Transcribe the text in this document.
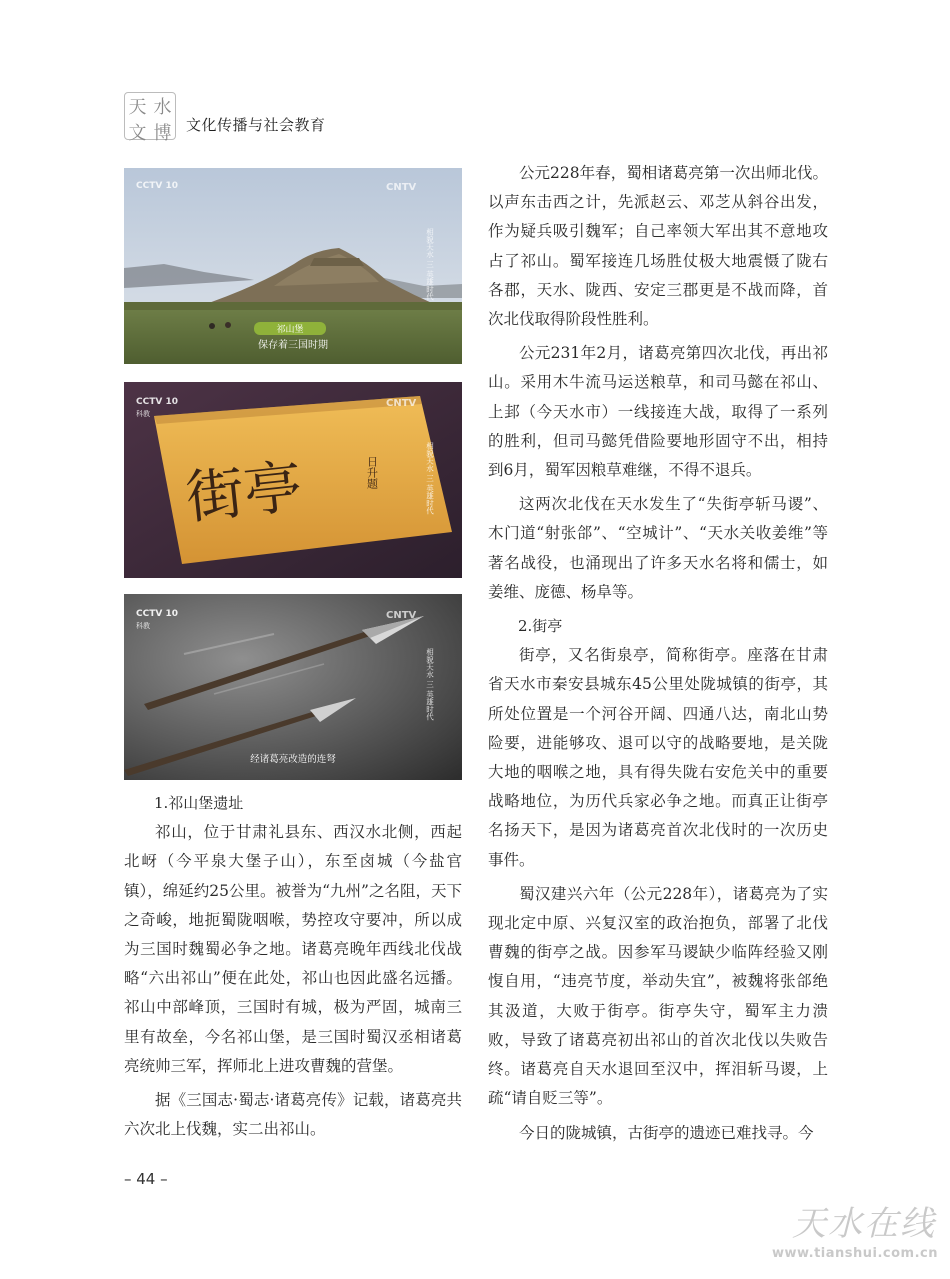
天 水
文 博 文化传播与社会教育
祁山堡
保存着三国时期
CCTV 10	CNTV
相貌天水 三 英雄时代
街亭	日升题
CCTV 10
科教
CNTV
相貌天水 三 英雄时代
CCTV 10
科教
CNTV
相貌天水 三 英雄时代
经诸葛亮改造的连弩

1.祁山堡遗址

祁山，位于甘肃礼县东、西汉水北侧，西起北岈（今平泉大堡子山），东至卤城（今盐官镇），绵延约25公里。被誉为“九州”之名阻，天下之奇峻，地扼蜀陇咽喉，势控攻守要冲，所以成为三国时魏蜀必争之地。诸葛亮晚年西线北伐战略“六出祁山”便在此处，祁山也因此盛名远播。祁山中部峰顶，三国时有城，极为严固，城南三里有故垒，今名祁山堡，是三国时蜀汉丞相诸葛亮统帅三军，挥师北上进攻曹魏的营堡。

据《三国志·蜀志·诸葛亮传》记载，诸葛亮共六次北上伐魏，实二出祁山。

公元228年春，蜀相诸葛亮第一次出师北伐。以声东击西之计，先派赵云、邓芝从斜谷出发，作为疑兵吸引魏军；自己率领大军出其不意地攻占了祁山。蜀军接连几场胜仗极大地震慑了陇右各郡，天水、陇西、安定三郡更是不战而降，首次北伐取得阶段性胜利。

公元231年2月，诸葛亮第四次北伐，再出祁山。采用木牛流马运送粮草，和司马懿在祁山、上邽（今天水市）一线接连大战，取得了一系列的胜利，但司马懿凭借险要地形固守不出，相持到6月，蜀军因粮草难继，不得不退兵。

这两次北伐在天水发生了“失街亭斩马谡”、木门道“射张郃”、“空城计”、“天水关收姜维”等著名战役，也涌现出了许多天水名将和儒士，如姜维、庞德、杨阜等。

2.街亭

街亭，又名街泉亭，简称街亭。座落在甘肃省天水市秦安县城东45公里处陇城镇的街亭，其所处位置是一个河谷开阔、四通八达，南北山势险要，进能够攻、退可以守的战略要地，是关陇大地的咽喉之地，具有得失陇右安危关中的重要战略地位，为历代兵家必争之地。而真正让街亭名扬天下，是因为诸葛亮首次北伐时的一次历史事件。

蜀汉建兴六年（公元228年），诸葛亮为了实现北定中原、兴复汉室的政治抱负，部署了北伐曹魏的街亭之战。因参军马谡缺少临阵经验又刚愎自用，“违亮节度，举动失宜”，被魏将张郃绝其汲道，大败于街亭。街亭失守，蜀军主力溃败，导致了诸葛亮初出祁山的首次北伐以失败告终。诸葛亮自天水退回至汉中，挥泪斩马谡，上疏“请自贬三等”。

今日的陇城镇，古街亭的遗迹已难找寻。今

– 44 –
天水在线
www.tianshui.com.cn
